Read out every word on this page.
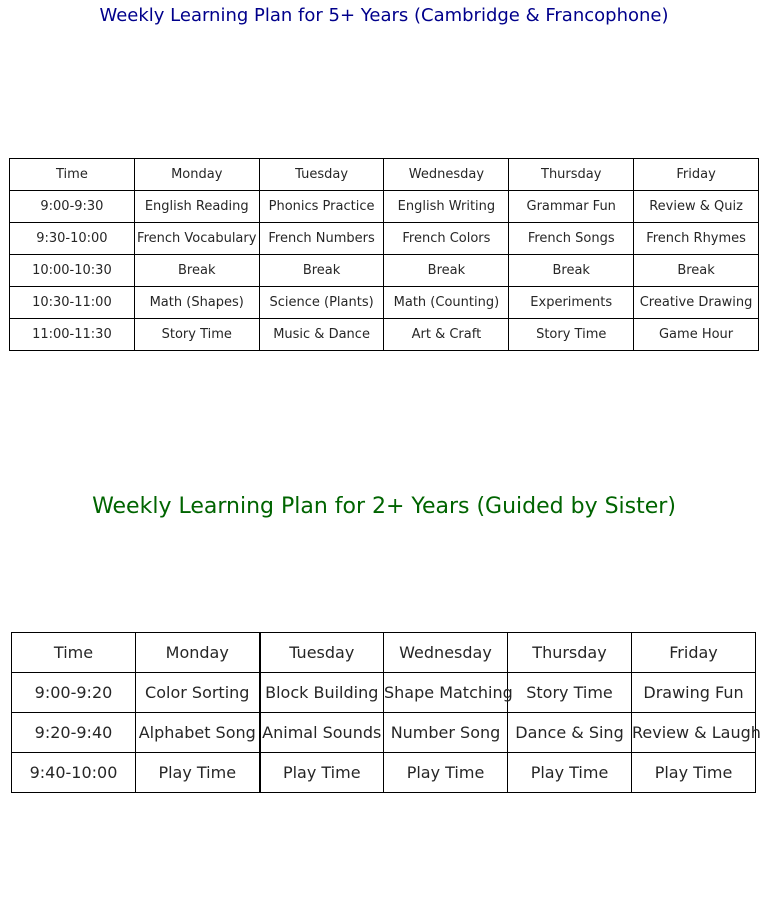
Weekly Learning Plan for 5+ Years (Cambridge & Francophone)
Time	Monday	Tuesday	Wednesday	Thursday	Friday
9:00-9:30	English Reading	Phonics Practice	English Writing	Grammar Fun	Review & Quiz
9:30-10:00	French Vocabulary	French Numbers	French Colors	French Songs	French Rhymes
10:00-10:30	Break	Break	Break	Break	Break
10:30-11:00	Math (Shapes)	Science (Plants)	Math (Counting)	Experiments	Creative Drawing
11:00-11:30	Story Time	Music & Dance	Art & Craft	Story Time	Game Hour
Weekly Learning Plan for 2+ Years (Guided by Sister)
Time	Monday	Tuesday	Wednesday	Thursday	Friday
9:00-9:20	Color Sorting	Block Building	Shape Matching	Story Time	Drawing Fun
9:20-9:40	Alphabet Song	Animal Sounds	Number Song	Dance & Sing	Review & Laugh
9:40-10:00	Play Time	Play Time	Play Time	Play Time	Play Time
